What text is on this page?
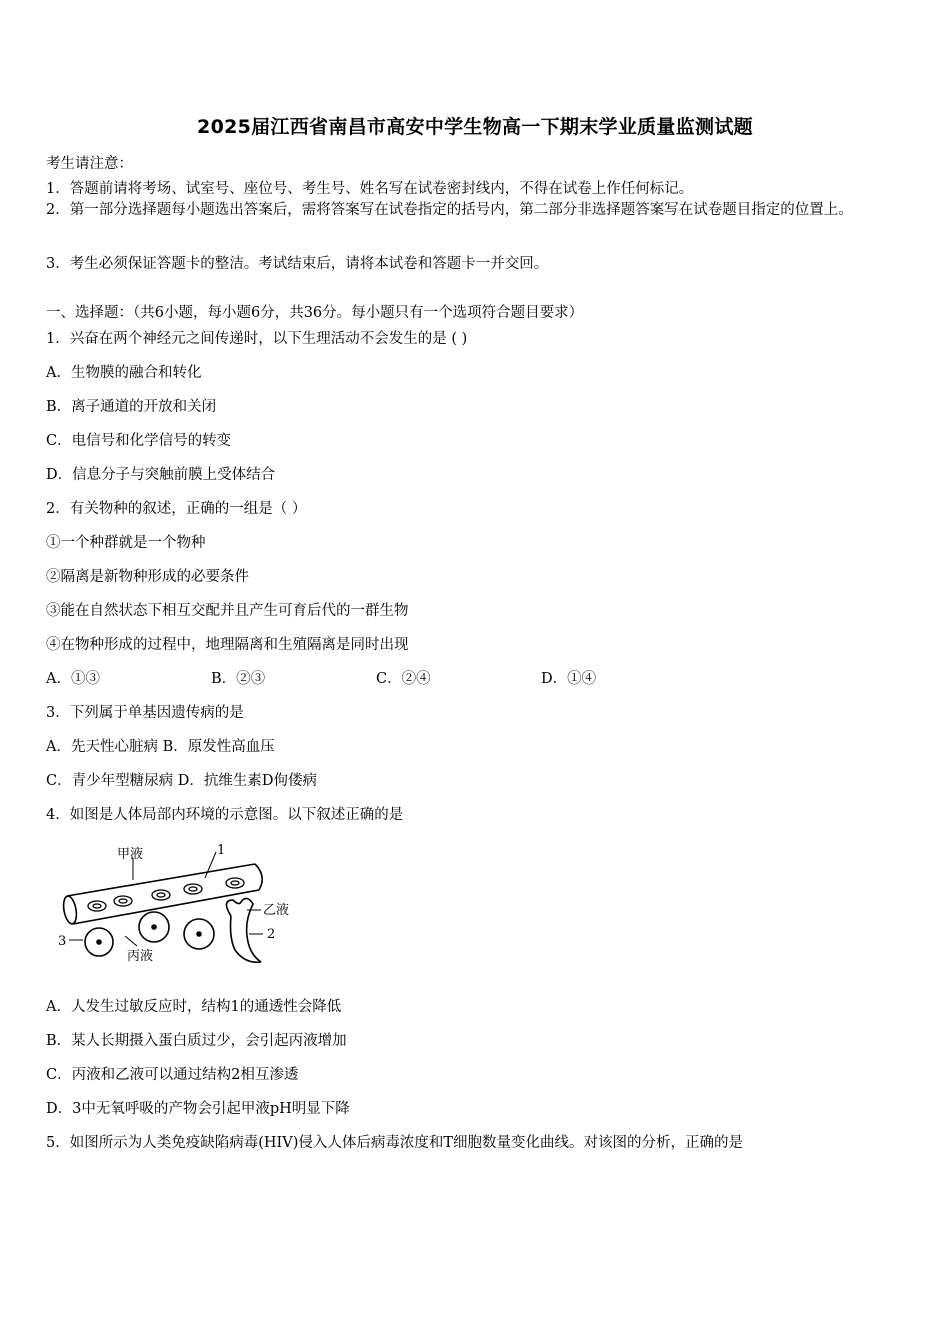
2025届江西省南昌市高安中学生物高一下期末学业质量监测试题
考生请注意：
1．答题前请将考场、试室号、座位号、考生号、姓名写在试卷密封线内，不得在试卷上作任何标记。
2．第一部分选择题每小题选出答案后，需将答案写在试卷指定的括号内，第二部分非选择题答案写在试卷题目指定的位置上。
3．考生必须保证答题卡的整洁。考试结束后，请将本试卷和答题卡一并交回。
一、选择题：（共6小题，每小题6分，共36分。每小题只有一个选项符合题目要求）
1．兴奋在两个神经元之间传递时，以下生理活动不会发生的是 ( )
A．生物膜的融合和转化
B．离子通道的开放和关闭
C．电信号和化学信号的转变
D．信息分子与突触前膜上受体结合
2．有关物种的叙述，正确的一组是（ ）
①一个种群就是一个物种
②隔离是新物种形成的必要条件
③能在自然状态下相互交配并且产生可育后代的一群生物
④在物种形成的过程中，地理隔离和生殖隔离是同时出现
A．①③	B．②③	C．②④	D．①④
3．下列属于单基因遗传病的是
A．先天性心脏病 B．原发性高血压
C．青少年型糖尿病 D．抗维生素D佝偻病
4．如图是人体局部内环境的示意图。以下叙述正确的是
甲液	1
乙液
2
3
丙液
A．人发生过敏反应时，结构1的通透性会降低
B．某人长期摄入蛋白质过少，会引起丙液增加
C．丙液和乙液可以通过结构2相互渗透
D．3中无氧呼吸的产物会引起甲液pH明显下降
5．如图所示为人类免疫缺陷病毒(HIV)侵入人体后病毒浓度和T细胞数量变化曲线。对该图的分析，正确的是
